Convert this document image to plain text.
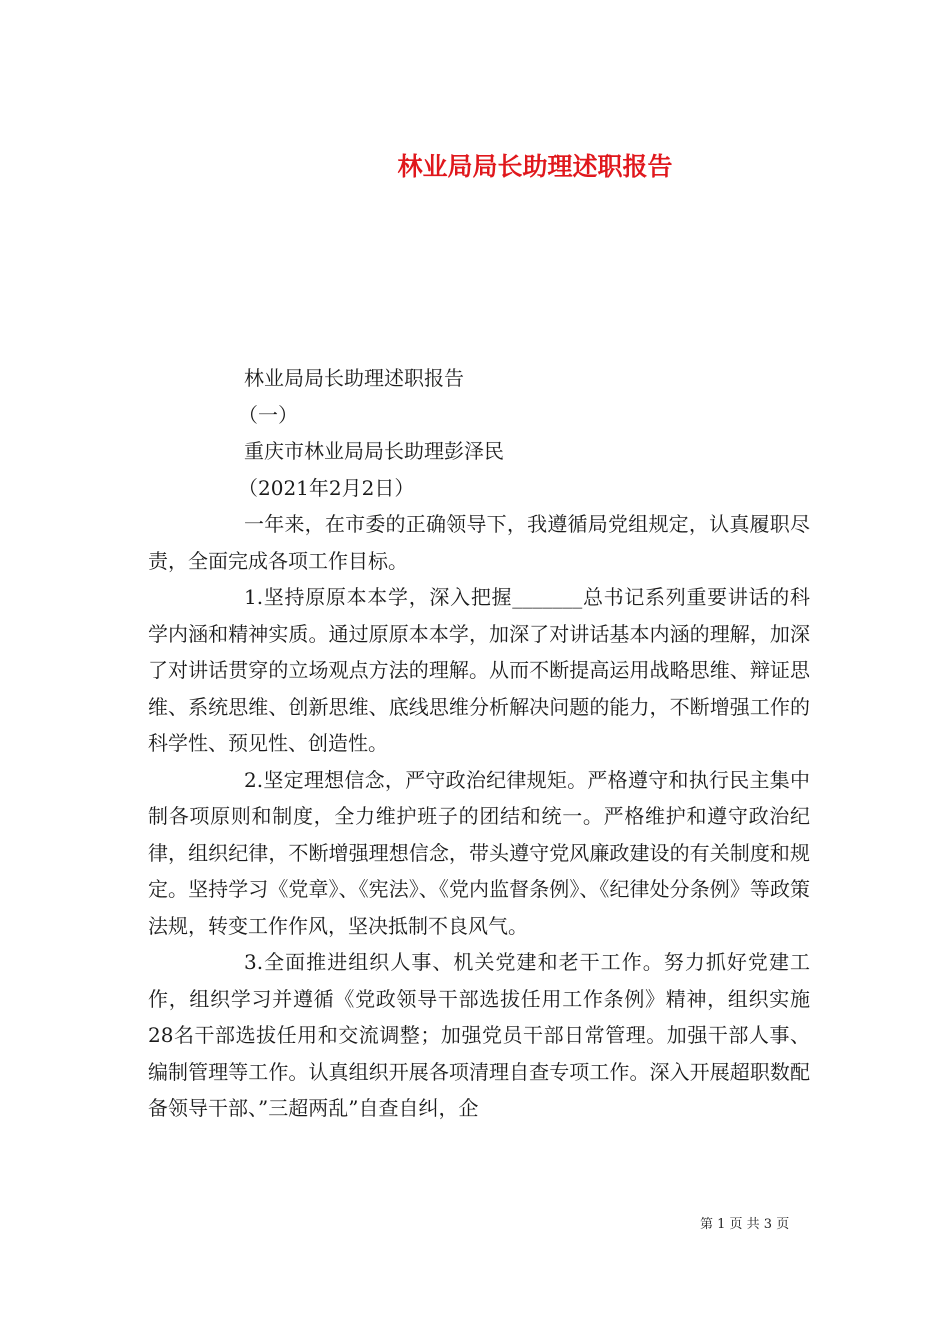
林业局局长助理述职报告

林业局局长助理述职报告

（一）

重庆市林业局局长助理彭泽民

（2021年2月2日）

一年来，在市委的正确领导下，我遵循局党组规定，认真履职尽责，全面完成各项工作目标。

1.坚持原原本本学，深入把握_______总书记系列重要讲话的科学内涵和精神实质。通过原原本本学，加深了对讲话基本内涵的理解，加深了对讲话贯穿的立场观点方法的理解。从而不断提高运用战略思维、辩证思维、系统思维、创新思维、底线思维分析解决问题的能力，不断增强工作的科学性、预见性、创造性。

2.坚定理想信念，严守政治纪律规矩。严格遵守和执行民主集中制各项原则和制度，全力维护班子的团结和统一。严格维护和遵守政治纪律，组织纪律，不断增强理想信念，带头遵守党风廉政建设的有关制度和规定。坚持学习《党章》、《宪法》、《党内监督条例》、《纪律处分条例》等政策法规，转变工作作风，坚决抵制不良风气。

3.全面推进组织人事、机关党建和老干工作。努力抓好党建工作，组织学习并遵循《党政领导干部选拔任用工作条例》精神，组织实施28名干部选拔任用和交流调整；加强党员干部日常管理。加强干部人事、编制管理等工作。认真组织开展各项清理自查专项工作。深入开展超职数配备领导干部、”三超两乱”自查自纠，企

第 1 页 共 3 页
